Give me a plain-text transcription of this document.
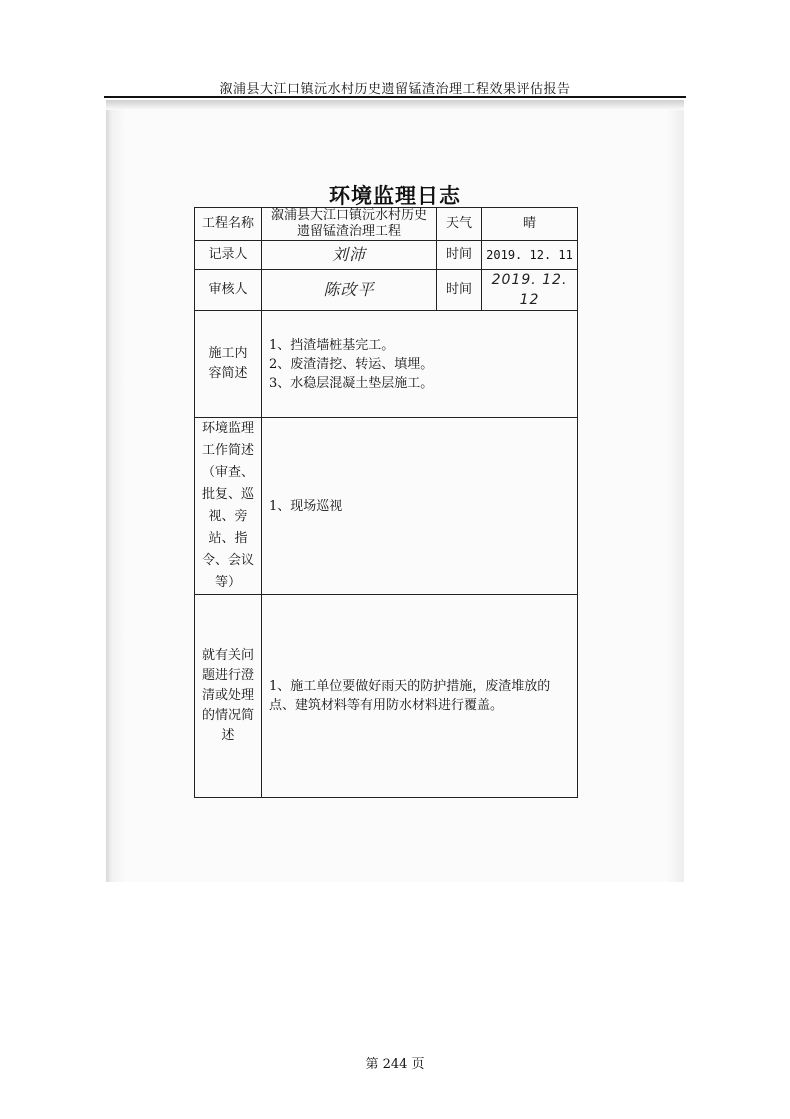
溆浦县大江口镇沅水村历史遗留锰渣治理工程效果评估报告
环境监理日志
工程名称	溆浦县大江口镇沅水村历史遗留锰渣治理工程	天气	晴
记录人	刘沛	时间	2019. 12. 11
审核人	陈改平	时间	2019. 12. 12
施工内容简述	1、挡渣墙桩基完工。
2、废渣清挖、转运、填埋。
3、水稳层混凝土垫层施工。		

环境监理工作简述（审查、批复、巡视、旁站、指令、会议等）	1、现场巡视		

就有关问题进行澄清或处理的情况简述	1、施工单位要做好雨天的防护措施，废渣堆放的点、建筑材料等有用防水材料进行覆盖。		
第 244 页
